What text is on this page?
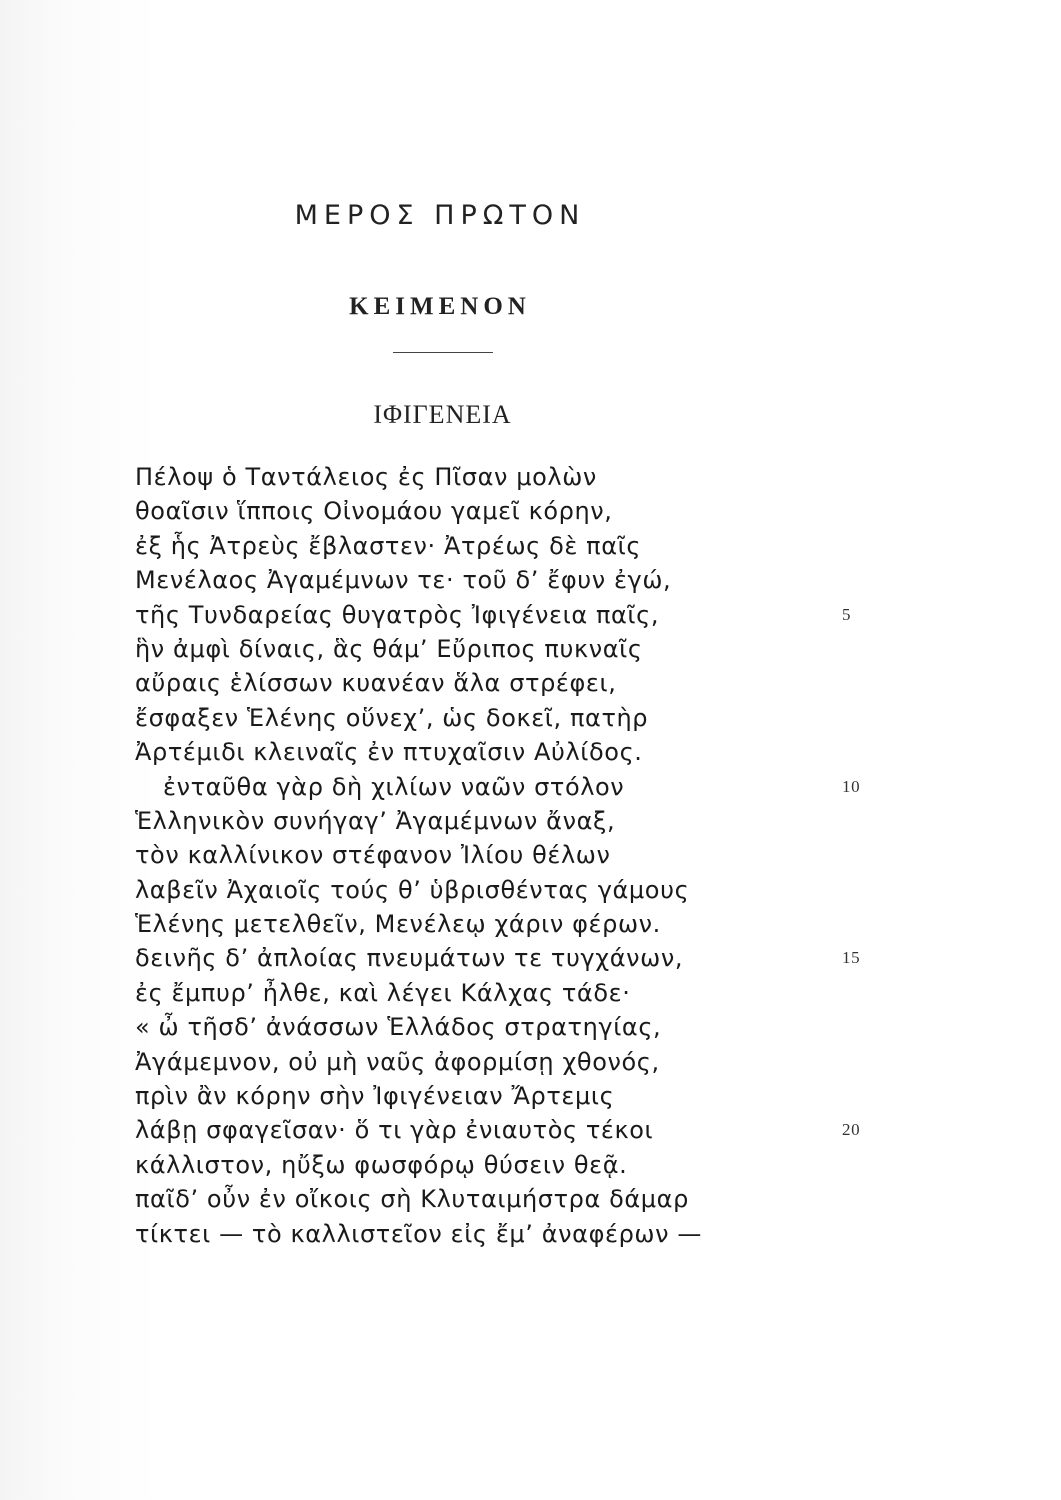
ΜΕΡΟΣ ΠΡΩΤΟΝ
ΚΕΙΜΕΝΟΝ
ΙΦΙΓΕΝΕΙΑ
Πέλοψ ὁ Ταντάλειος ἐς Πῖσαν μολὼν
θοαῖσιν ἵπποις Οἰνομάου γαμεῖ κόρην,
ἐξ ἧς Ἀτρεὺς ἔβλαστεν· Ἀτρέως δὲ παῖς
Μενέλαος Ἀγαμέμνων τε· τοῦ δ’ ἔφυν ἐγώ,
τῆς Τυνδαρείας θυγατρὸς Ἰφιγένεια παῖς,	5
ἣν ἀμφὶ δίναις, ἃς θάμ’ Εὔριπος πυκναῖς
αὔραις ἑλίσσων κυανέαν ἅλα στρέφει,
ἔσφαξεν Ἑλένης οὕνεχ’, ὡς δοκεῖ, πατὴρ
Ἀρτέμιδι κλειναῖς ἐν πτυχαῖσιν Αὐλίδος.
ἐνταῦθα γὰρ δὴ χιλίων ναῶν στόλον	10
Ἑλληνικὸν συνήγαγ’ Ἀγαμέμνων ἄναξ,
τὸν καλλίνικον στέφανον Ἰλίου θέλων
λαβεῖν Ἀχαιοῖς τούς θ’ ὑβρισθέντας γάμους
Ἑλένης μετελθεῖν, Μενέλεῳ χάριν φέρων.
δεινῆς δ’ ἀπλοίας πνευμάτων τε τυγχάνων,	15
ἐς ἔμπυρ’ ἦλθε, καὶ λέγει Κάλχας τάδε·
« ὦ τῆσδ’ ἀνάσσων Ἑλλάδος στρατηγίας,
Ἀγάμεμνον, οὐ μὴ ναῦς ἀφορμίσῃ χθονός,
πρὶν ἂν κόρην σὴν Ἰφιγένειαν Ἄρτεμις
λάβῃ σφαγεῖσαν· ὅ τι γὰρ ἐνιαυτὸς τέκοι	20
κάλλιστον, ηὔξω φωσφόρῳ θύσειν θεᾷ.
παῖδ’ οὖν ἐν οἴκοις σὴ Κλυταιμήστρα δάμαρ
τίκτει — τὸ καλλιστεῖον εἰς ἔμ’ ἀναφέρων —
